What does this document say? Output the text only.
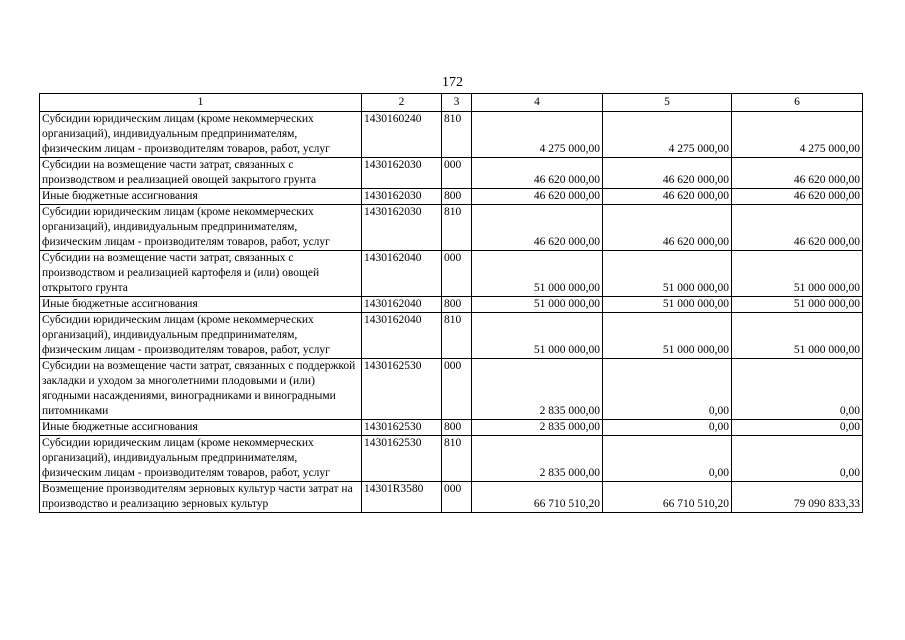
172
1	2	3	4	5	6
Субсидии юридическим лицам (кроме некоммерческих организаций), индивидуальным предпринимателям, физическим лицам - производителям товаров, работ, услуг	1430160240	810	4 275 000,00	4 275 000,00	4 275 000,00
Субсидии на возмещение части затрат, связанных с производством и реализацией овощей закрытого грунта	1430162030	000	46 620 000,00	46 620 000,00	46 620 000,00
Иные бюджетные ассигнования	1430162030	800	46 620 000,00	46 620 000,00	46 620 000,00
Субсидии юридическим лицам (кроме некоммерческих организаций), индивидуальным предпринимателям, физическим лицам - производителям товаров, работ, услуг	1430162030	810	46 620 000,00	46 620 000,00	46 620 000,00
Субсидии на возмещение части затрат, связанных с производством и реализацией картофеля и (или) овощей открытого грунта	1430162040	000	51 000 000,00	51 000 000,00	51 000 000,00
Иные бюджетные ассигнования	1430162040	800	51 000 000,00	51 000 000,00	51 000 000,00
Субсидии юридическим лицам (кроме некоммерческих организаций), индивидуальным предпринимателям, физическим лицам - производителям товаров, работ, услуг	1430162040	810	51 000 000,00	51 000 000,00	51 000 000,00
Субсидии на возмещение части затрат, связанных с поддержкой закладки и уходом за многолетними плодовыми и (или) ягодными насаждениями, виноградниками и виноградными питомниками	1430162530	000	2 835 000,00	0,00	0,00
Иные бюджетные ассигнования	1430162530	800	2 835 000,00	0,00	0,00
Субсидии юридическим лицам (кроме некоммерческих организаций), индивидуальным предпринимателям, физическим лицам - производителям товаров, работ, услуг	1430162530	810	2 835 000,00	0,00	0,00
Возмещение производителям зерновых культур части затрат на производство и реализацию зерновых культур	14301R3580	000	66 710 510,20	66 710 510,20	79 090 833,33
